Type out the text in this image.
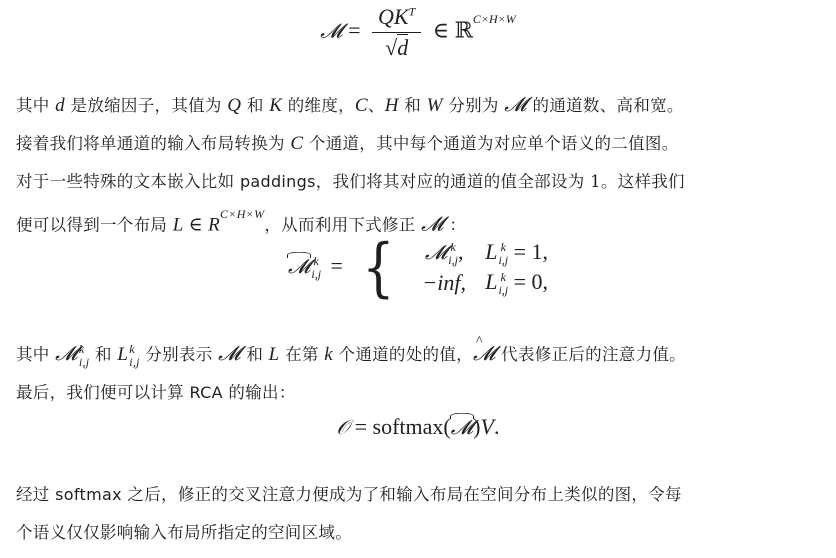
𝓜 = $\frac{QK^T}{√d}$ ∈ ℝ$^{C\times H\times W}$
其中 d 是放缩因子，其值为 Q 和 K 的维度，C、H 和 W 分别为 𝓜 的通道数、高和宽。
接着我们将单通道的输入布局转换为 C 个通道，其中每个通道为对应单个语义的二值图。
对于一些特殊的文本嵌入比如 paddings，我们将其对应的通道的值全部设为 1。这样我们
便可以得到一个布局 L ∈ $R^{C\times H\times W}$，从而利用下式修正 𝓜 ：
𝓜 k
i,j = {	𝓜 k
i,j , L k
i,j = 1,
−inf, L k
i,j = 0,
其中 𝓜 k
i,j 和 L k
i,j 分别表示 𝓜 和 L 在第 k 个通道的处的值，^ 𝓜 代表修正后的注意力值。
最后，我们便可以计算 RCA 的输出：
𝒪 = softmax(𝓜)V.
经过 softmax 之后，修正的交叉注意力便成为了和输入布局在空间分布上类似的图，令每
个语义仅仅影响输入布局所指定的空间区域。
